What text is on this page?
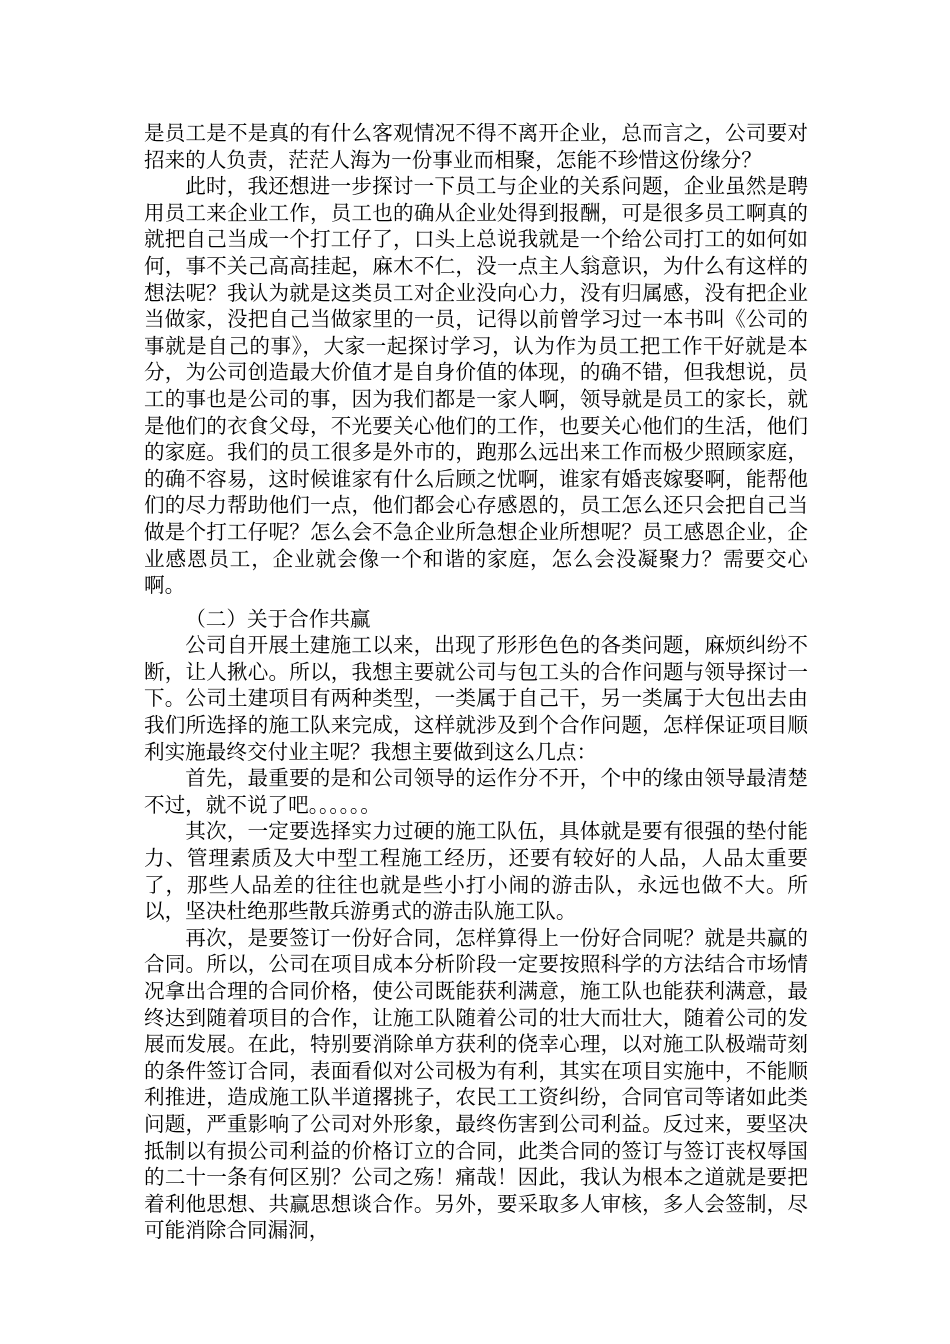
是员工是不是真的有什么客观情况不得不离开企业，总而言之，公司要对招来的人负责，茫茫人海为一份事业而相聚，怎能不珍惜这份缘分？

此时，我还想进一步探讨一下员工与企业的关系问题，企业虽然是聘用员工来企业工作，员工也的确从企业处得到报酬，可是很多员工啊真的就把自己当成一个打工仔了，口头上总说我就是一个给公司打工的如何如何，事不关己高高挂起，麻木不仁，没一点主人翁意识，为什么有这样的想法呢？我认为就是这类员工对企业没向心力，没有归属感，没有把企业当做家，没把自己当做家里的一员，记得以前曾学习过一本书叫《公司的事就是自己的事》，大家一起探讨学习，认为作为员工把工作干好就是本分，为公司创造最大价值才是自身价值的体现，的确不错，但我想说，员工的事也是公司的事，因为我们都是一家人啊，领导就是员工的家长，就是他们的衣食父母，不光要关心他们的工作，也要关心他们的生活，他们的家庭。我们的员工很多是外市的，跑那么远出来工作而极少照顾家庭，的确不容易，这时候谁家有什么后顾之忧啊，谁家有婚丧嫁娶啊，能帮他们的尽力帮助他们一点，他们都会心存感恩的，员工怎么还只会把自己当做是个打工仔呢？怎么会不急企业所急想企业所想呢？员工感恩企业，企业感恩员工，企业就会像一个和谐的家庭，怎么会没凝聚力？需要交心啊。

（二）关于合作共赢

公司自开展土建施工以来，出现了形形色色的各类问题，麻烦纠纷不断，让人揪心。所以，我想主要就公司与包工头的合作问题与领导探讨一下。公司土建项目有两种类型，一类属于自己干，另一类属于大包出去由我们所选择的施工队来完成，这样就涉及到个合作问题，怎样保证项目顺利实施最终交付业主呢？我想主要做到这么几点：

首先，最重要的是和公司领导的运作分不开，个中的缘由领导最清楚不过，就不说了吧。。。。。。

其次，一定要选择实力过硬的施工队伍，具体就是要有很强的垫付能力、管理素质及大中型工程施工经历，还要有较好的人品，人品太重要了，那些人品差的往往也就是些小打小闹的游击队，永远也做不大。所以，坚决杜绝那些散兵游勇式的游击队施工队。

再次，是要签订一份好合同，怎样算得上一份好合同呢？就是共赢的合同。所以，公司在项目成本分析阶段一定要按照科学的方法结合市场情况拿出合理的合同价格，使公司既能获利满意，施工队也能获利满意，最终达到随着项目的合作，让施工队随着公司的壮大而壮大，随着公司的发展而发展。在此，特别要消除单方获利的侥幸心理，以对施工队极端苛刻的条件签订合同，表面看似对公司极为有利，其实在项目实施中，不能顺利推进，造成施工队半道撂挑子，农民工工资纠纷，合同官司等诸如此类问题，严重影响了公司对外形象，最终伤害到公司利益。反过来，要坚决抵制以有损公司利益的价格订立的合同，此类合同的签订与签订丧权辱国的二十一条有何区别？公司之殇！痛哉！因此，我认为根本之道就是要把着利他思想、共赢思想谈合作。另外，要采取多人审核，多人会签制，尽可能消除合同漏洞，
